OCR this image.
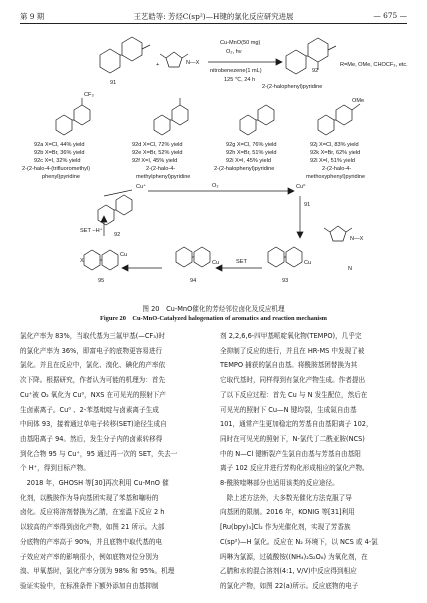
第 9 期	王艺皓等: 芳烃C(sp²)—H键的氯化反应研究进展	— 675 —
91
+	N—X
Cu-MnO(50 mg)
O₂, hν
nitrobenezene(1 mL)
125 ℃, 24 h
92
R=Me, OMe, CHOCF₃, etc.
2-(2-halophenyl)pyridine
CF₃
OMe
92a X=Cl, 44% yield
92b X=Br, 36% yield
92c X=I, 32% yield
2-(2-halo-4-(trifluoromethyl)
phenyl)pyridine
92d X=Cl, 72% yield
92e X=Br, 52% yield
92f X=I, 45% yield
2-(2-halo-4-
methylphenyl)pyridine
92g X=Cl, 76% yield
92h X=Br, 51% yield
92i X=I, 45% yield
2-(2-halophenyl)pyridine
92j X=Cl, 83% yield
92k X=Br, 62% yield
92l X=I, 51% yield
2-(2-halo-4-
methoxyphenyl)pyridine
Cu⁺	O₂	Cu⁰
91
92
SET −H⁺
95
X
Cu
94
Cu	SET
93
Cu
N—X
N
图 20　Cu-MnO催化的芳烃邻位卤化及反应机理
Figure 20　Cu-MnO-Catalyzed halogenation of aromatics and reaction mechanism
氯化产率为 83%，当取代基为三氟甲基(—CF₃)时
的氯化产率为 36%，即富电子的底物更容易进行
氯化。并且在反应中，氯化、溴化、碘化的产率依
次下降。根据研究，作者认为可能的机理为：首先
Cu⁺被 O₂ 氧化为 Cu⁰，NXS 在可见光的照射下产
生卤素离子。Cu⁰ 、2-苯基吡啶与卤素离子生成
中间体 93，接着通过单电子转移(SET)途径生成自
由基阳离子 94。然后，发生分子内的卤素转移得
到化合物 95 与 Cu⁺，95 通过再一次的 SET，失去一
个 H⁺，得到目标产物。
　2018 年，GHOSH 等[30]再次利用 Cu-MnO 催
化剂，以酰胺作为导向基团实现了苯基和噻吩的
卤化。反应将溶剂替换为乙腈，在室温下反应 2 h
以较高的产率得到卤化产物，如图 21 所示。大部
分底物的产率高于 90%，并且底物中取代基的电
子效应对产率的影响很小，例如底物对位分别为
溴、甲氧基时，氯化产率分别为 98% 和 95%。机理
验证实验中，在标准条件下额外添加自由基抑制
剂 2,2,6,6-四甲基哌啶氧化物(TEMPO)，几乎完
全抑制了反应的进行，并且在 HR-MS 中发现了被
TEMPO 捕获的氯自由基。将酰胺基团替换为其
它取代基时，同样得到有氯化产物生成。作者提出
了以下反应过程：首先 Cu 与 N 发生配位，然后在
可见光的照射下 Cu—N 键均裂，生成氮自由基
101，通常产生更加稳定的芳基自由基阳离子 102，
同时在可见光的照射下，N-氯代丁二酰亚胺(NCS)
中的 N—Cl 键断裂产生氯自由基与芳基自由基阳
离子 102 反应并进行芳构化形成相应的氯化产物。
8-酰胺喹啉部分也适用该类的反应途径。
　除上述方法外，大多数光催化方法克服了导
向基团的限制。2016 年，KONIG 等[31]利用
[Ru(bpy)₃]Cl₂ 作为光催化剂，实现了芳香族
C(sp²)—H 氯化。反应在 N₂ 环境下，以 NCS 或 4-氯
吗啉为氯源，过硫酸铵((NH₄)₂S₂O₈) 为氧化剂，在
乙腈和水的混合溶剂(4:1, V/V)中反应得到相应
的氯化产物，如图 22(a)所示。反应底物的电子
